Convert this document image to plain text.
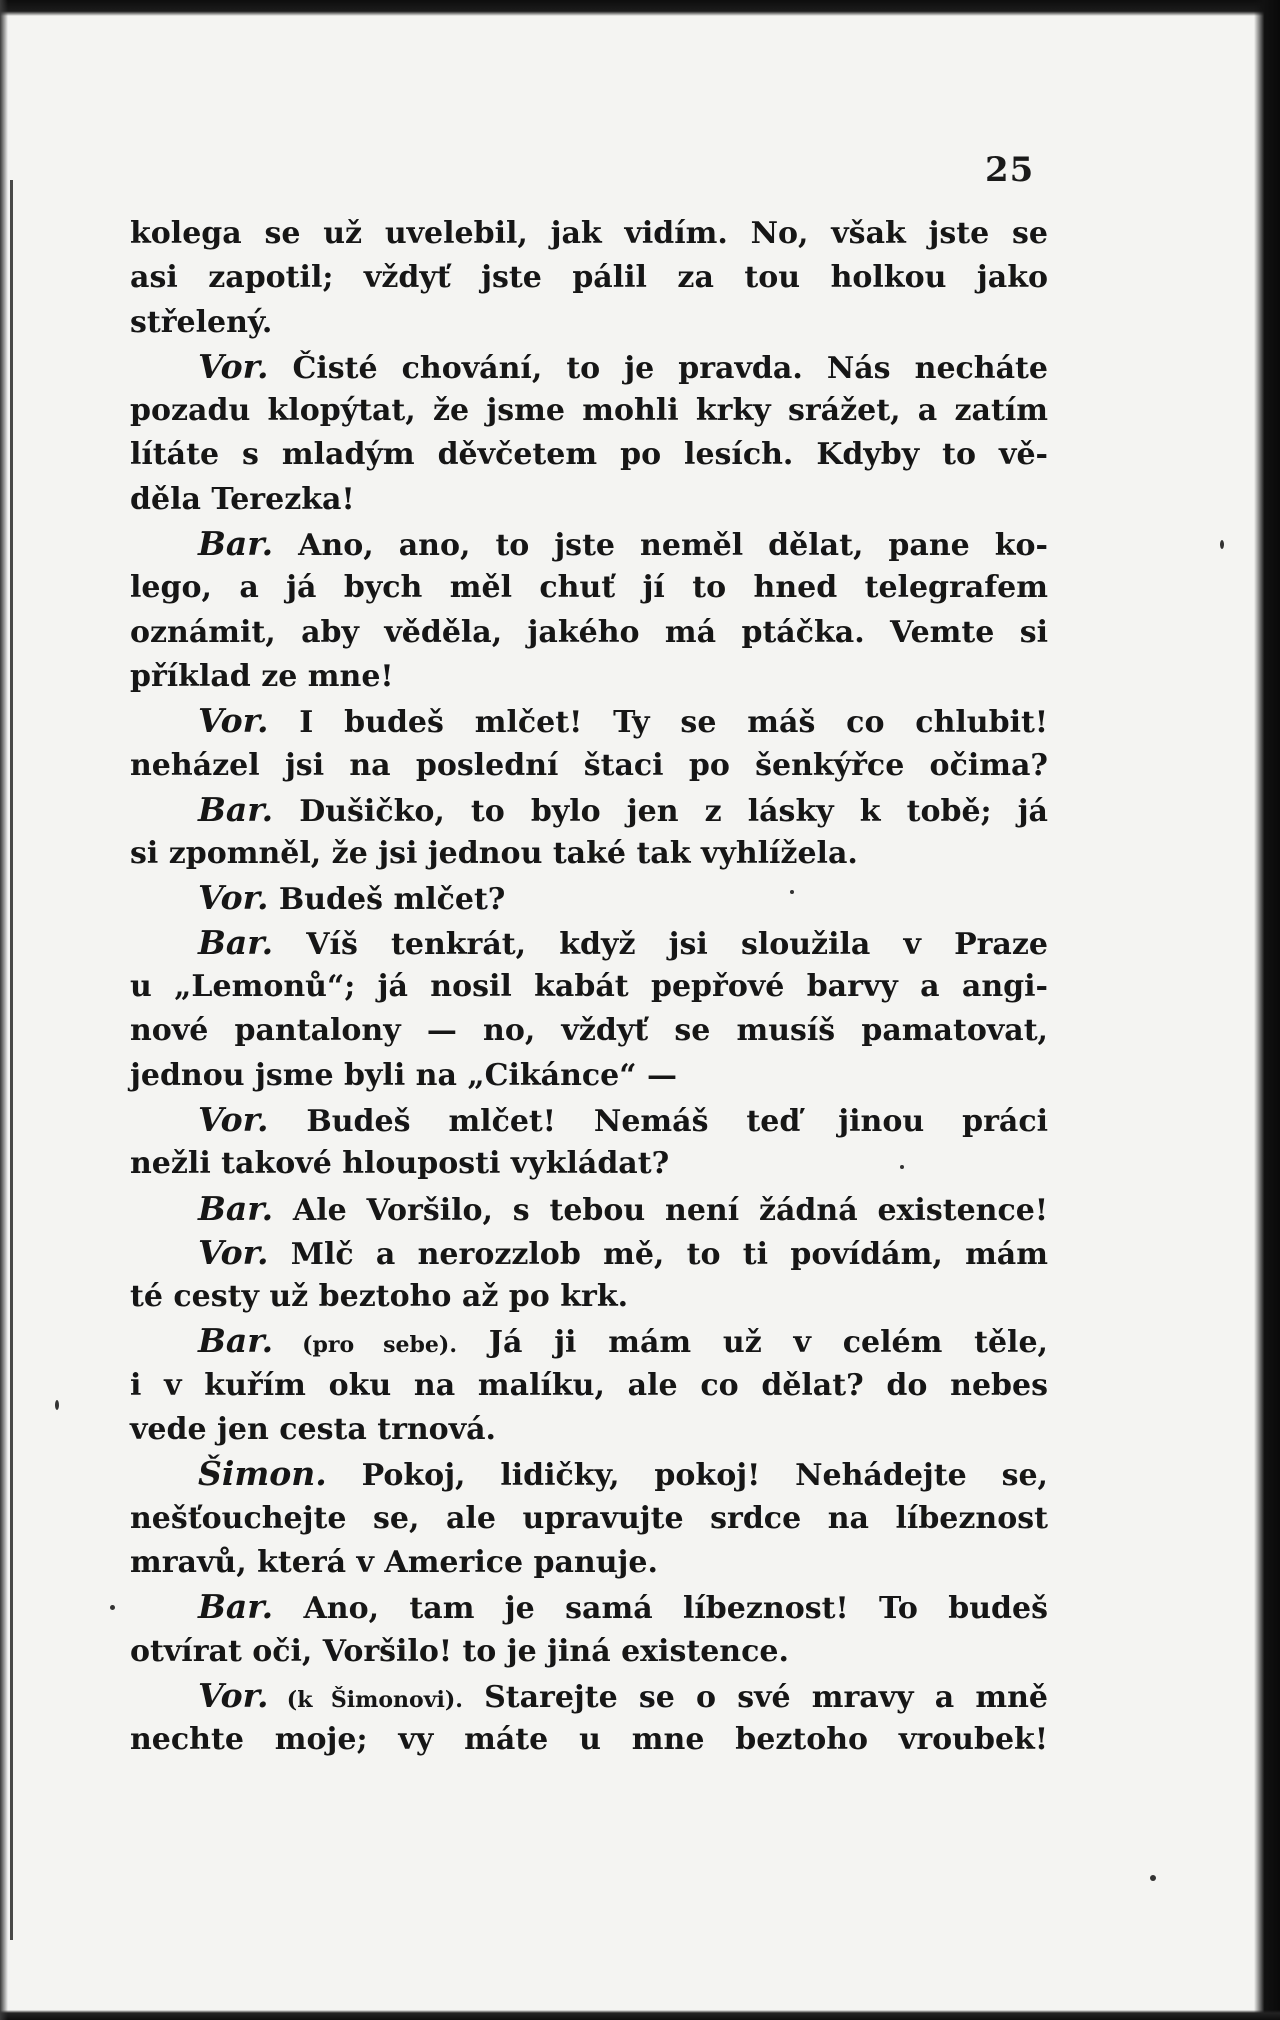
25
kolega se už uvelebil, jak vidím. No, však jste se
asi zapotil; vždyť jste pálil za tou holkou jako
střelený.
Vor. Čisté chování, to je pravda. Nás necháte
pozadu klopýtat, že jsme mohli krky srážet, a zatím
lítáte s mladým děvčetem po lesích. Kdyby to vě-
děla Terezka!
Bar. Ano, ano, to jste neměl dělat, pane ko-
lego, a já bych měl chuť jí to hned telegrafem
oznámit, aby věděla, jakého má ptáčka. Vemte si
příklad ze mne!
Vor. I budeš mlčet! Ty se máš co chlubit!
neházel jsi na poslední štaci po šenkýřce očima?
Bar. Dušičko, to bylo jen z lásky k tobě; já
si zpomněl, že jsi jednou také tak vyhlížela.
Vor. Budeš mlčet?
Bar. Víš tenkrát, když jsi sloužila v Praze
u „Lemonů“; já nosil kabát pepřové barvy a angi-
nové pantalony — no, vždyť se musíš pamatovat,
jednou jsme byli na „Cikánce“ —
Vor. Budeš mlčet! Nemáš teď jinou práci
nežli takové hlouposti vykládat?
Bar. Ale Voršilo, s tebou není žádná existence!
Vor. Mlč a nerozzlob mě, to ti povídám, mám
té cesty už beztoho až po krk.
Bar. (pro sebe). Já ji mám už v celém těle,
i v kuřím oku na malíku, ale co dělat? do nebes
vede jen cesta trnová.
Šimon. Pokoj, lidičky, pokoj! Nehádejte se,
nešťouchejte se, ale upravujte srdce na líbeznost
mravů, která v Americe panuje.
Bar. Ano, tam je samá líbeznost! To budeš
otvírat oči, Voršilo! to je jiná existence.
Vor. (k Šimonovi). Starejte se o své mravy a mně
nechte moje; vy máte u mne beztoho vroubek!
